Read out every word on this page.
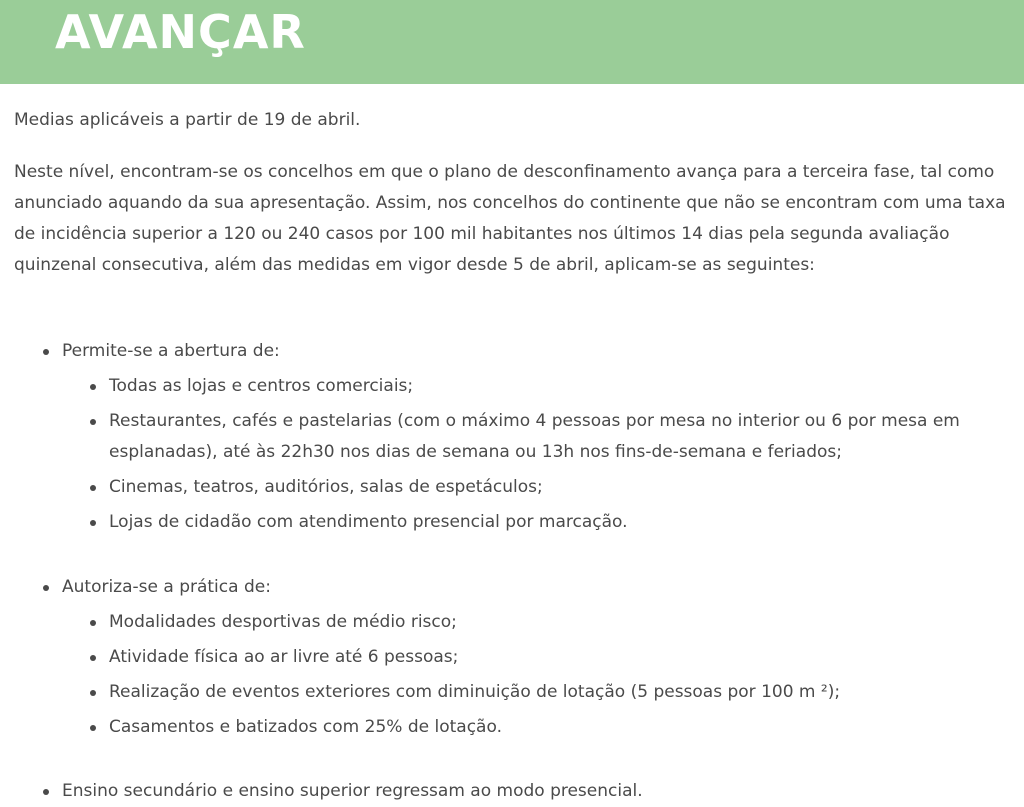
AVANÇAR

Medias aplicáveis a partir de 19 de abril.

Neste nível, encontram-se os concelhos em que o plano de desconfinamento avança para a terceira fase, tal como anunciado aquando da sua apresentação. Assim, nos concelhos do continente que não se encontram com uma taxa de incidência superior a 120 ou 240 casos por 100 mil habitantes nos últimos 14 dias pela segunda avaliação quinzenal consecutiva, além das medidas em vigor desde 5 de abril, aplicam-se as seguintes:

Permite-se a abertura de:
Todas as lojas e centros comerciais;
Restaurantes, cafés e pastelarias (com o máximo 4 pessoas por mesa no interior ou 6 por mesa em esplanadas), até às 22h30 nos dias de semana ou 13h nos fins-de-semana e feriados;
Cinemas, teatros, auditórios, salas de espetáculos;
Lojas de cidadão com atendimento presencial por marcação.
Autoriza-se a prática de:
Modalidades desportivas de médio risco;
Atividade física ao ar livre até 6 pessoas;
Realização de eventos exteriores com diminuição de lotação (5 pessoas por 100 m ²);
Casamentos e batizados com 25% de lotação.
Ensino secundário e ensino superior regressam ao modo presencial.
